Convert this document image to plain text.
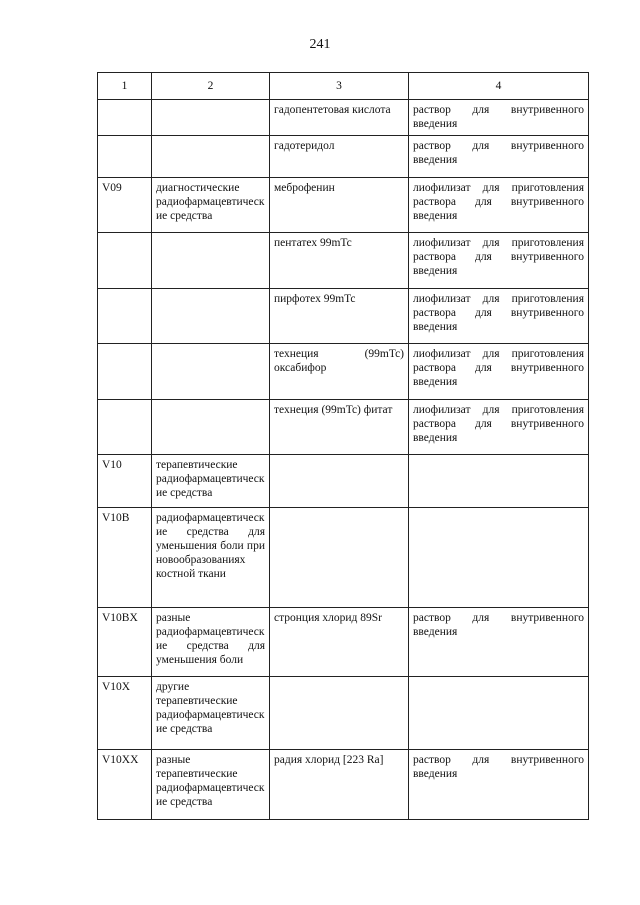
241
1	2	3	4
		гадопентетовая кислота	раствор для внутривенного введения
		гадотеридол	раствор для внутривенного введения
V09	диагностические радиофармацевтические средства	меброфенин	лиофилизат для приготовления раствора для внутривенного введения
		пентатех 99mTc	лиофилизат для приготовления раствора для внутривенного введения
		пирфотех 99mTc	лиофилизат для приготовления раствора для внутривенного введения
		технеция (99mTc) оксабифор	лиофилизат для приготовления раствора для внутривенного введения
		технеция (99mTc) фитат	лиофилизат для приготовления раствора для внутривенного введения
V10	терапевтические радиофармацевтические средства		
V10B	радиофармацевтические средства для уменьшения боли при новообразованиях костной ткани		
V10BX	разные радиофармацевтические средства для уменьшения боли	стронция хлорид 89Sr	раствор для внутривенного введения
V10X	другие терапевтические радиофармацевтические средства		
V10XX	разные терапевтические радиофармацевтические средства	радия хлорид [223 Ra]	раствор для внутривенного введения
